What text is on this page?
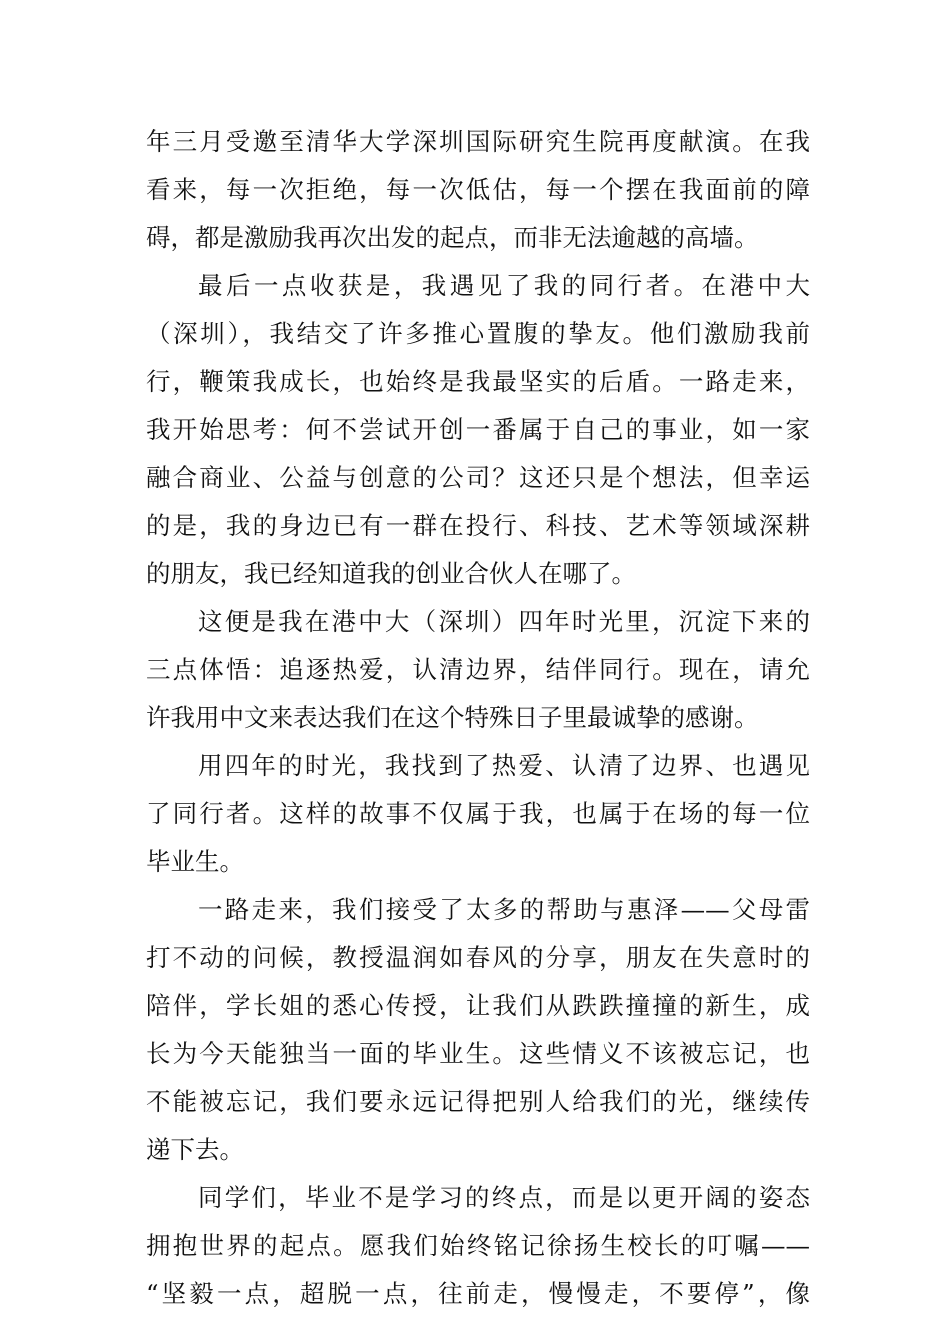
年三月受邀至清华大学深圳国际研究生院再度献演。在我
看来，每一次拒绝，每一次低估，每一个摆在我面前的障
碍，都是激励我再次出发的起点，而非无法逾越的高墙。
最后一点收获是，我遇见了我的同行者。在港中大
（深圳），我结交了许多推心置腹的挚友。他们激励我前
行，鞭策我成长，也始终是我最坚实的后盾。一路走来，
我开始思考：何不尝试开创一番属于自己的事业，如一家
融合商业、公益与创意的公司？这还只是个想法，但幸运
的是，我的身边已有一群在投行、科技、艺术等领域深耕
的朋友，我已经知道我的创业合伙人在哪了。
这便是我在港中大（深圳）四年时光里，沉淀下来的
三点体悟：追逐热爱，认清边界，结伴同行。现在，请允
许我用中文来表达我们在这个特殊日子里最诚挚的感谢。
用四年的时光，我找到了热爱、认清了边界、也遇见
了同行者。这样的故事不仅属于我，也属于在场的每一位
毕业生。
一路走来，我们接受了太多的帮助与惠泽——父母雷
打不动的问候，教授温润如春风的分享，朋友在失意时的
陪伴，学长姐的悉心传授，让我们从跌跌撞撞的新生，成
长为今天能独当一面的毕业生。这些情义不该被忘记，也
不能被忘记，我们要永远记得把别人给我们的光，继续传
递下去。
同学们，毕业不是学习的终点，而是以更开阔的姿态
拥抱世界的起点。愿我们始终铭记徐扬生校长的叮嘱——
“坚毅一点，超脱一点，往前走，慢慢走，不要停”，像
